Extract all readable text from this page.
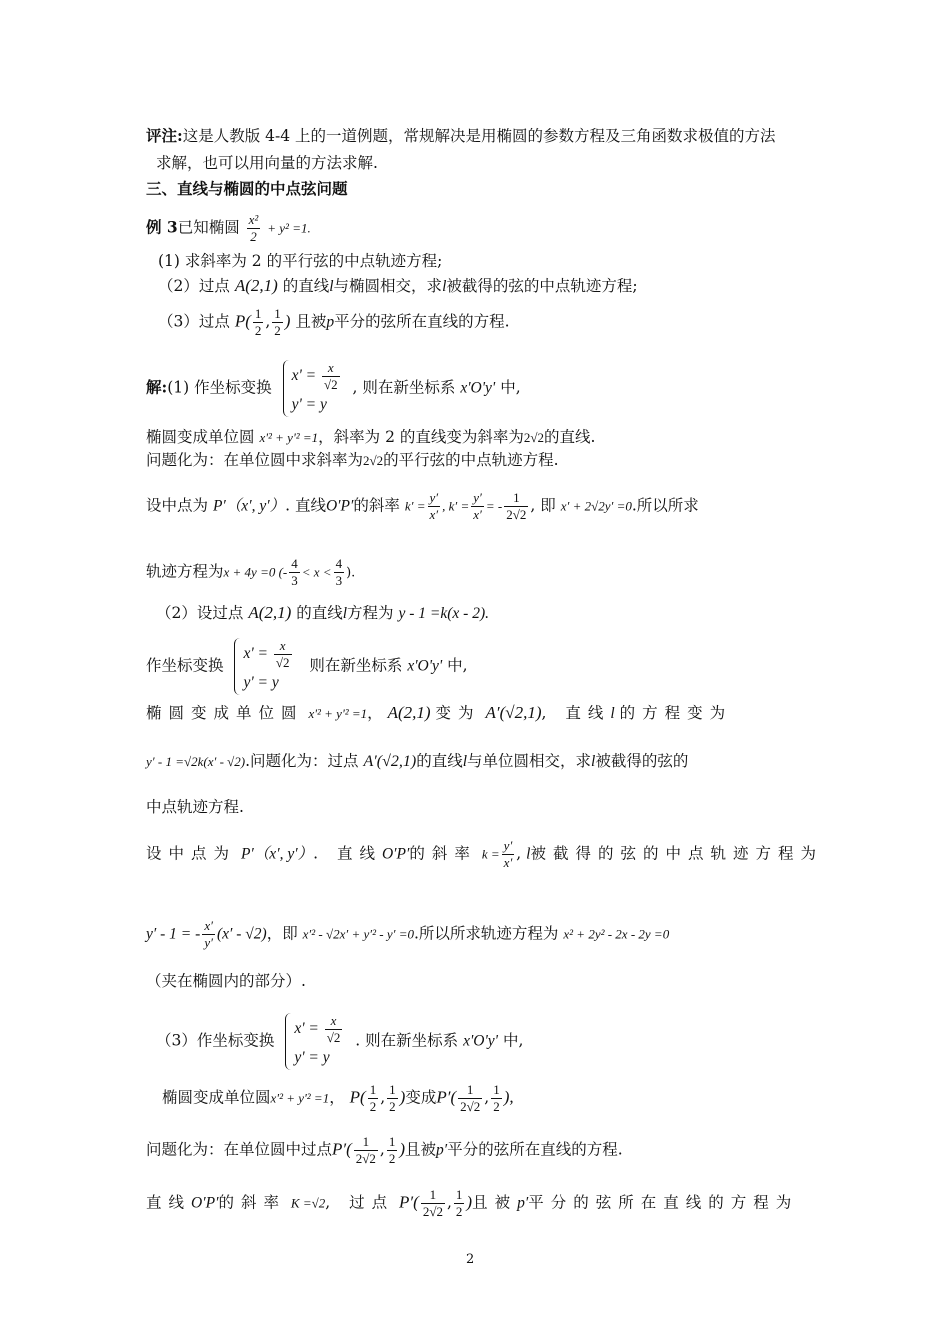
评注:这是人教版 4-4 上的一道例题，常规解决是用椭圆的参数方程及三角函数求极值的方法
求解，也可以用向量的方法求解.
三、直线与椭圆的中点弦问题
例 3已知椭圆 $\frac{\text{x²}}{2} + y^2 =1$.
(1) 求斜率为 2 的平行弦的中点轨迹方程;
（2）过点 A(2,1) 的直线l与椭圆相交，求l被截得的弦的中点轨迹方程;
（3）过点 $P( \frac{1}{2}$ , $\frac{1}{2}$ ) 且被p平分的弦所在直线的方程.
解:(1) 作坐标变换
$x' = \frac{x}{√2}$
y' = y
, 则在新坐标系 x'O'y' 中,
椭圆变成单位圆 x'² + y'² =1，斜率为 2 的直线变为斜率为2√2的直线.
问题化为：在单位圆中求斜率为2√2的平行弦的中点轨迹方程.
设中点为 P′（x′, y′）. 直线O′P′的斜率 $k' = \frac{y'}{x'}$ , $k' = \frac{y'}{x'}$ = - $\frac{1}{2√2}$ , 即 x′ + 2√2y′ =0.所以所求
轨迹方程为x + 4y =0 (- $\frac{4}{3} < x < \frac{4}{3}$ ).
（2）设过点 A(2,1) 的直线l方程为 y - 1 =k(x - 2).
作坐标变换
$x' = \frac{x}{√2}$
y' = y
则在新坐标系 x'O'y' 中,
椭圆变成单位圆 x'² + y'² =1， A(2,1) 变为 A′(√2,1), 直线l 的方程变为
y′ - 1 =√2k(x′ - √2).问题化为：过点 A′(√2,1)的直线l与单位圆相交，求l被截得的弦的
中点轨迹方程.
设中点为 P′（x′, y′）. 直线O′P′的斜率 $k = \frac{y'}{x'}$ , l被截得的弦的中点轨迹方程为
y′ - 1 = - $\frac{x'}{y'} (x' - √2)$，即 x′² - √2x′ + y′² - y′ =0.所以所求轨迹方程为 x² + 2y² - 2x - 2y =0
（夹在椭圆内的部分）.
（3）作坐标变换
$x' = \frac{x}{√2}$
y' = y
. 则在新坐标系 x'O'y' 中,
椭圆变成单位圆x'² + y'² =1， $P( \frac{1}{2}$ , $\frac{1}{2}$ )变成$P'( \frac{1}{2√2}$ , $\frac{1}{2}$ ),
问题化为：在单位圆中过点$P'( \frac{1}{2√2}$ , $\frac{1}{2}$ )且被p′平分的弦所在直线的方程.
直线O′P′的斜率 K =√2, 过点 $P'( \frac{1}{2√2}$ , $\frac{1}{2}$ )且被p′平分的弦所在直线的方程为
2
